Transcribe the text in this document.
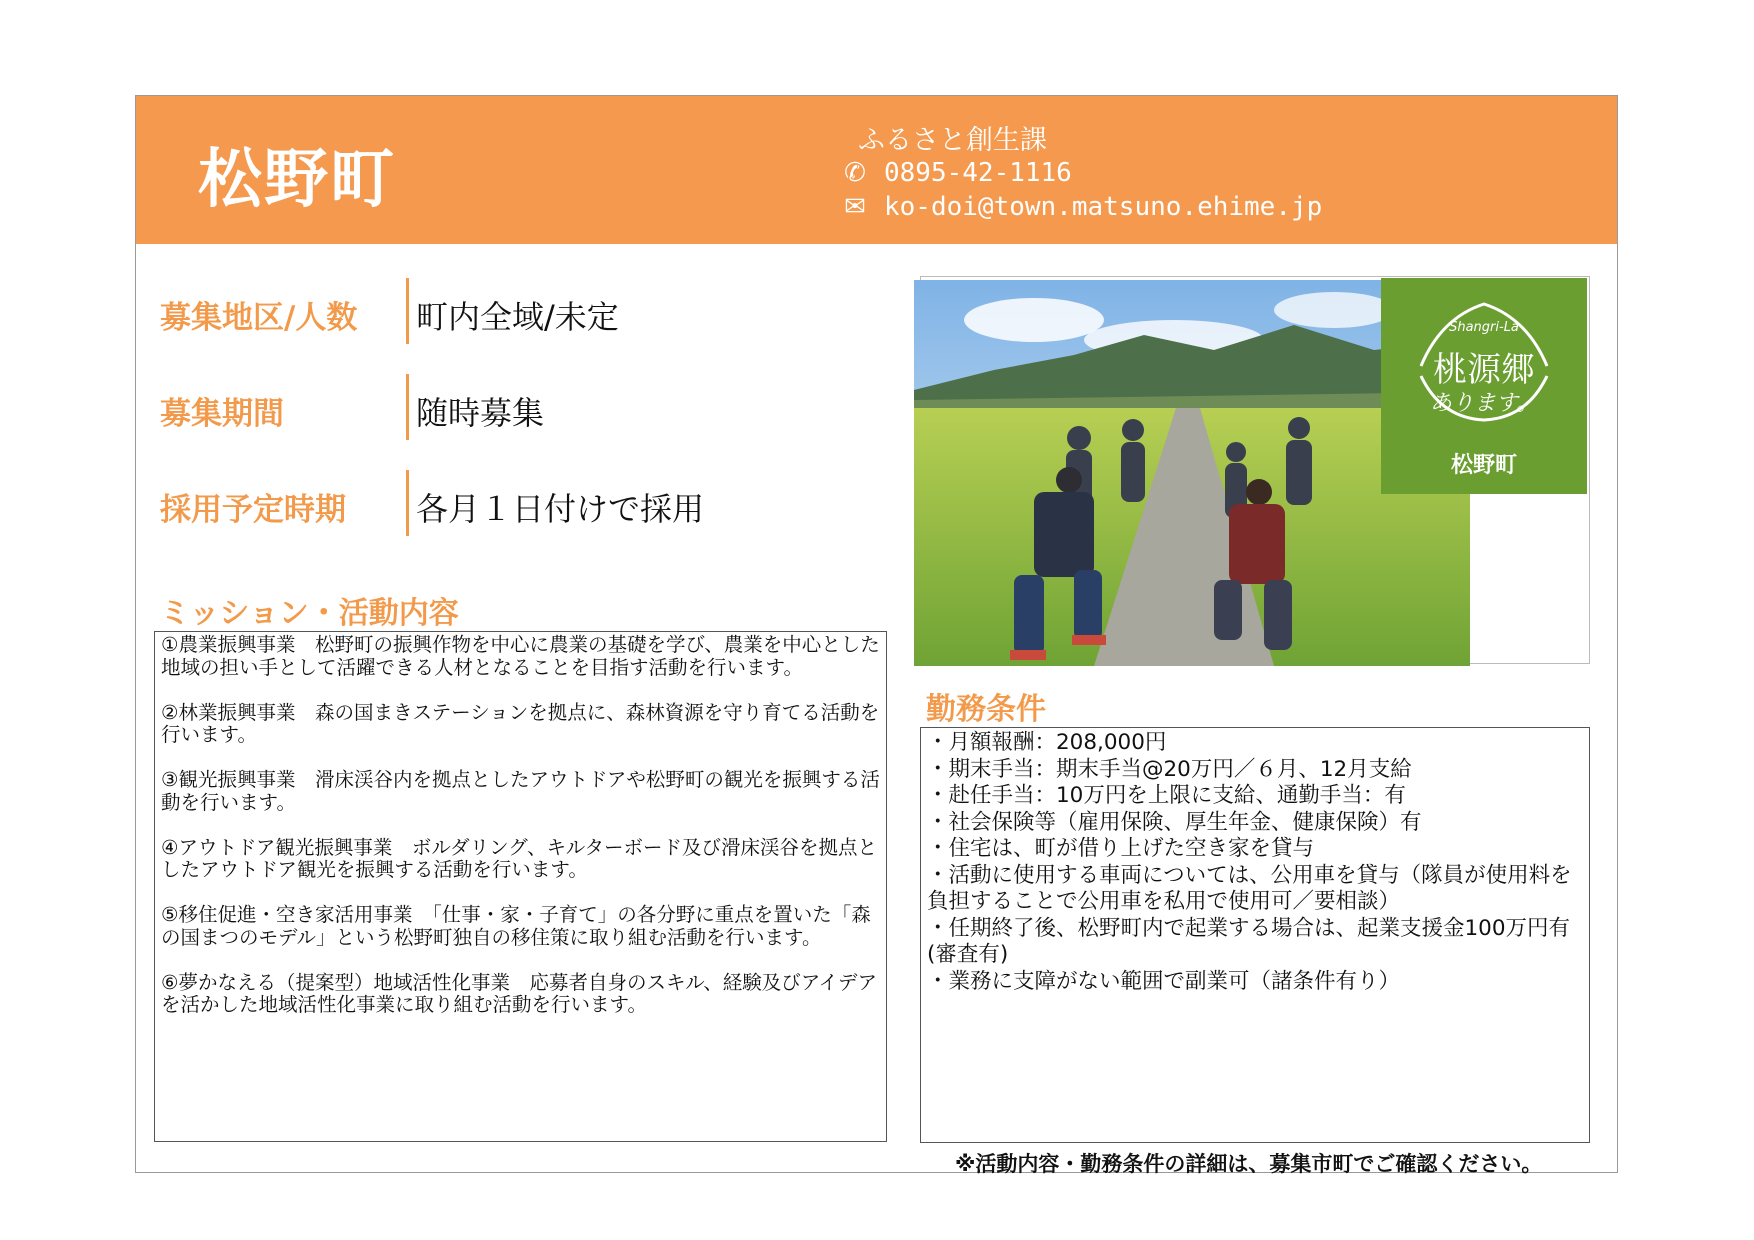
松野町
ふるさと創生課
✆ 0895-42-1116
✉ ko-doi@town.matsuno.ehime.jp
募集地区/人数 町内全域/未定
募集期間	随時募集
採用予定時期 各月１日付けで採用
ミッション・活動内容

①農業振興事業　松野町の振興作物を中心に農業の基礎を学び、農業を中心とした地域の担い手として活躍できる人材となることを目指す活動を行います。

②林業振興事業　森の国まきステーションを拠点に、森林資源を守り育てる活動を行います。

③観光振興事業　滑床渓谷内を拠点としたアウトドアや松野町の観光を振興する活動を行います。

④アウトドア観光振興事業　ボルダリング、キルターボード及び滑床渓谷を拠点としたアウトドア観光を振興する活動を行います。

⑤移住促進・空き家活用事業　「仕事・家・子育て」の各分野に重点を置いた「森の国まつのモデル」という松野町独自の移住策に取り組む活動を行います。

⑥夢かなえる（提案型）地域活性化事業　応募者自身のスキル、経験及びアイデアを活かした地域活性化事業に取り組む活動を行います。

Shangri-La
桃源郷
あります。
松野町
勤務条件
・月額報酬：208,000円
・期末手当：期末手当@20万円／６月、12月支給
・赴任手当：10万円を上限に支給、通勤手当：有
・社会保険等（雇用保険、厚生年金、健康保険）有
・住宅は、町が借り上げた空き家を貸与
・活動に使用する車両については、公用車を貸与（隊員が使用料を負担することで公用車を私用で使用可／要相談）
・任期終了後、松野町内で起業する場合は、起業支援金100万円有(審査有)
・業務に支障がない範囲で副業可（諸条件有り）
※活動内容・勤務条件の詳細は、募集市町でご確認ください。
